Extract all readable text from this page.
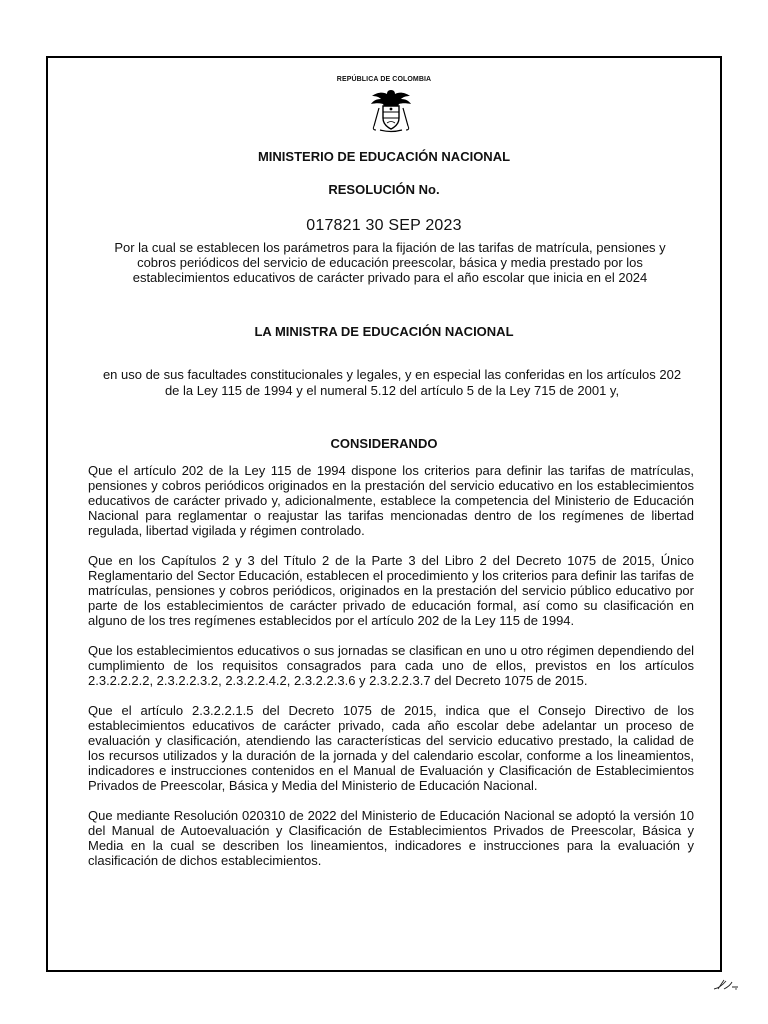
REPÚBLICA DE COLOMBIA
MINISTERIO DE EDUCACIÓN NACIONAL
RESOLUCIÓN No.
017821 30 SEP 2023
Por la cual se establecen los parámetros para la fijación de las tarifas de matrícula, pensiones y cobros periódicos del servicio de educación preescolar, básica y media prestado por los establecimientos educativos de carácter privado para el año escolar que inicia en el 2024
LA MINISTRA DE EDUCACIÓN NACIONAL
en uso de sus facultades constitucionales y legales, y en especial las conferidas en los artículos 202 de la Ley 115 de 1994 y el numeral 5.12 del artículo 5 de la Ley 715 de 2001 y,
CONSIDERANDO

Que el artículo 202 de la Ley 115 de 1994 dispone los criterios para definir las tarifas de matrículas, pensiones y cobros periódicos originados en la prestación del servicio educativo en los establecimientos educativos de carácter privado y, adicionalmente, establece la competencia del Ministerio de Educación Nacional para reglamentar o reajustar las tarifas mencionadas dentro de los regímenes de libertad regulada, libertad vigilada y régimen controlado.

Que en los Capítulos 2 y 3 del Título 2 de la Parte 3 del Libro 2 del Decreto 1075 de 2015, Único Reglamentario del Sector Educación, establecen el procedimiento y los criterios para definir las tarifas de matrículas, pensiones y cobros periódicos, originados en la prestación del servicio público educativo por parte de los establecimientos de carácter privado de educación formal, así como su clasificación en alguno de los tres regímenes establecidos por el artículo 202 de la Ley 115 de 1994.

Que los establecimientos educativos o sus jornadas se clasifican en uno u otro régimen dependiendo del cumplimiento de los requisitos consagrados para cada uno de ellos, previstos en los artículos 2.3.2.2.2.2, 2.3.2.2.3.2, 2.3.2.2.4.2, 2.3.2.2.3.6 y 2.3.2.2.3.7 del Decreto 1075 de 2015.

Que el artículo 2.3.2.2.1.5 del Decreto 1075 de 2015, indica que el Consejo Directivo de los establecimientos educativos de carácter privado, cada año escolar debe adelantar un proceso de evaluación y clasificación, atendiendo las características del servicio educativo prestado, la calidad de los recursos utilizados y la duración de la jornada y del calendario escolar, conforme a los lineamientos, indicadores e instrucciones contenidos en el Manual de Evaluación y Clasificación de Establecimientos Privados de Preescolar, Básica y Media del Ministerio de Educación Nacional.

Que mediante Resolución 020310 de 2022 del Ministerio de Educación Nacional se adoptó la versión 10 del Manual de Autoevaluación y Clasificación de Establecimientos Privados de Preescolar, Básica y Media en la cual se describen los lineamientos, indicadores e instrucciones para la evaluación y clasificación de dichos establecimientos.
